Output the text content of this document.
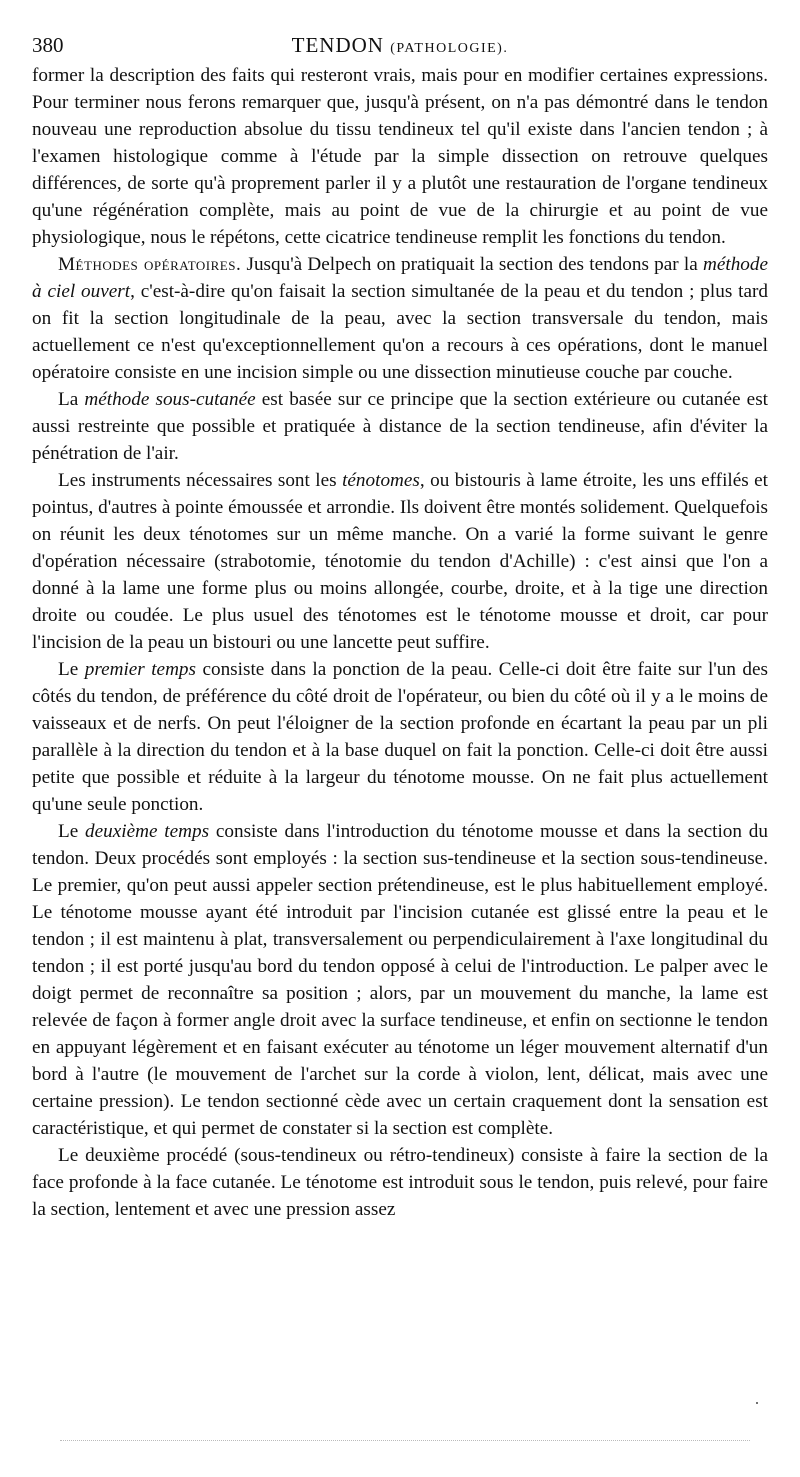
380	TENDON (PATHOLOGIE).

former la description des faits qui resteront vrais, mais pour en modifier certaines expressions. Pour terminer nous ferons remarquer que, jusqu'à présent, on n'a pas démontré dans le tendon nouveau une reproduction absolue du tissu tendineux tel qu'il existe dans l'ancien tendon ; à l'examen histologique comme à l'étude par la simple dissection on retrouve quelques différences, de sorte qu'à proprement parler il y a plutôt une restauration de l'organe tendineux qu'une régénération complète, mais au point de vue de la chirurgie et au point de vue physiologique, nous le répétons, cette cicatrice tendineuse remplit les fonctions du tendon.

Méthodes opératoires. Jusqu'à Delpech on pratiquait la section des tendons par la méthode à ciel ouvert, c'est-à-dire qu'on faisait la section simultanée de la peau et du tendon ; plus tard on fit la section longitudinale de la peau, avec la section transversale du tendon, mais actuellement ce n'est qu'exceptionnellement qu'on a recours à ces opérations, dont le manuel opératoire consiste en une incision simple ou une dissection minutieuse couche par couche.

La méthode sous-cutanée est basée sur ce principe que la section extérieure ou cutanée est aussi restreinte que possible et pratiquée à distance de la section tendineuse, afin d'éviter la pénétration de l'air.

Les instruments nécessaires sont les ténotomes, ou bistouris à lame étroite, les uns effilés et pointus, d'autres à pointe émoussée et arrondie. Ils doivent être montés solidement. Quelquefois on réunit les deux ténotomes sur un même manche. On a varié la forme suivant le genre d'opération nécessaire (strabotomie, ténotomie du tendon d'Achille) : c'est ainsi que l'on a donné à la lame une forme plus ou moins allongée, courbe, droite, et à la tige une direction droite ou coudée. Le plus usuel des ténotomes est le ténotome mousse et droit, car pour l'incision de la peau un bistouri ou une lancette peut suffire.

Le premier temps consiste dans la ponction de la peau. Celle-ci doit être faite sur l'un des côtés du tendon, de préférence du côté droit de l'opérateur, ou bien du côté où il y a le moins de vaisseaux et de nerfs. On peut l'éloigner de la section profonde en écartant la peau par un pli parallèle à la direction du tendon et à la base duquel on fait la ponction. Celle-ci doit être aussi petite que possible et réduite à la largeur du ténotome mousse. On ne fait plus actuellement qu'une seule ponction.

Le deuxième temps consiste dans l'introduction du ténotome mousse et dans la section du tendon. Deux procédés sont employés : la section sus-tendineuse et la section sous-tendineuse. Le premier, qu'on peut aussi appeler section prétendineuse, est le plus habituellement employé. Le ténotome mousse ayant été introduit par l'incision cutanée est glissé entre la peau et le tendon ; il est maintenu à plat, transversalement ou perpendiculairement à l'axe longitudinal du tendon ; il est porté jusqu'au bord du tendon opposé à celui de l'introduction. Le palper avec le doigt permet de reconnaître sa position ; alors, par un mouvement du manche, la lame est relevée de façon à former angle droit avec la surface tendineuse, et enfin on sectionne le tendon en appuyant légèrement et en faisant exécuter au ténotome un léger mouvement alternatif d'un bord à l'autre (le mouvement de l'archet sur la corde à violon, lent, délicat, mais avec une certaine pression). Le tendon sectionné cède avec un certain craquement dont la sensation est caractéristique, et qui permet de constater si la section est complète.

Le deuxième procédé (sous-tendineux ou rétro-tendineux) consiste à faire la section de la face profonde à la face cutanée. Le ténotome est introduit sous le tendon, puis relevé, pour faire la section, lentement et avec une pression assez
